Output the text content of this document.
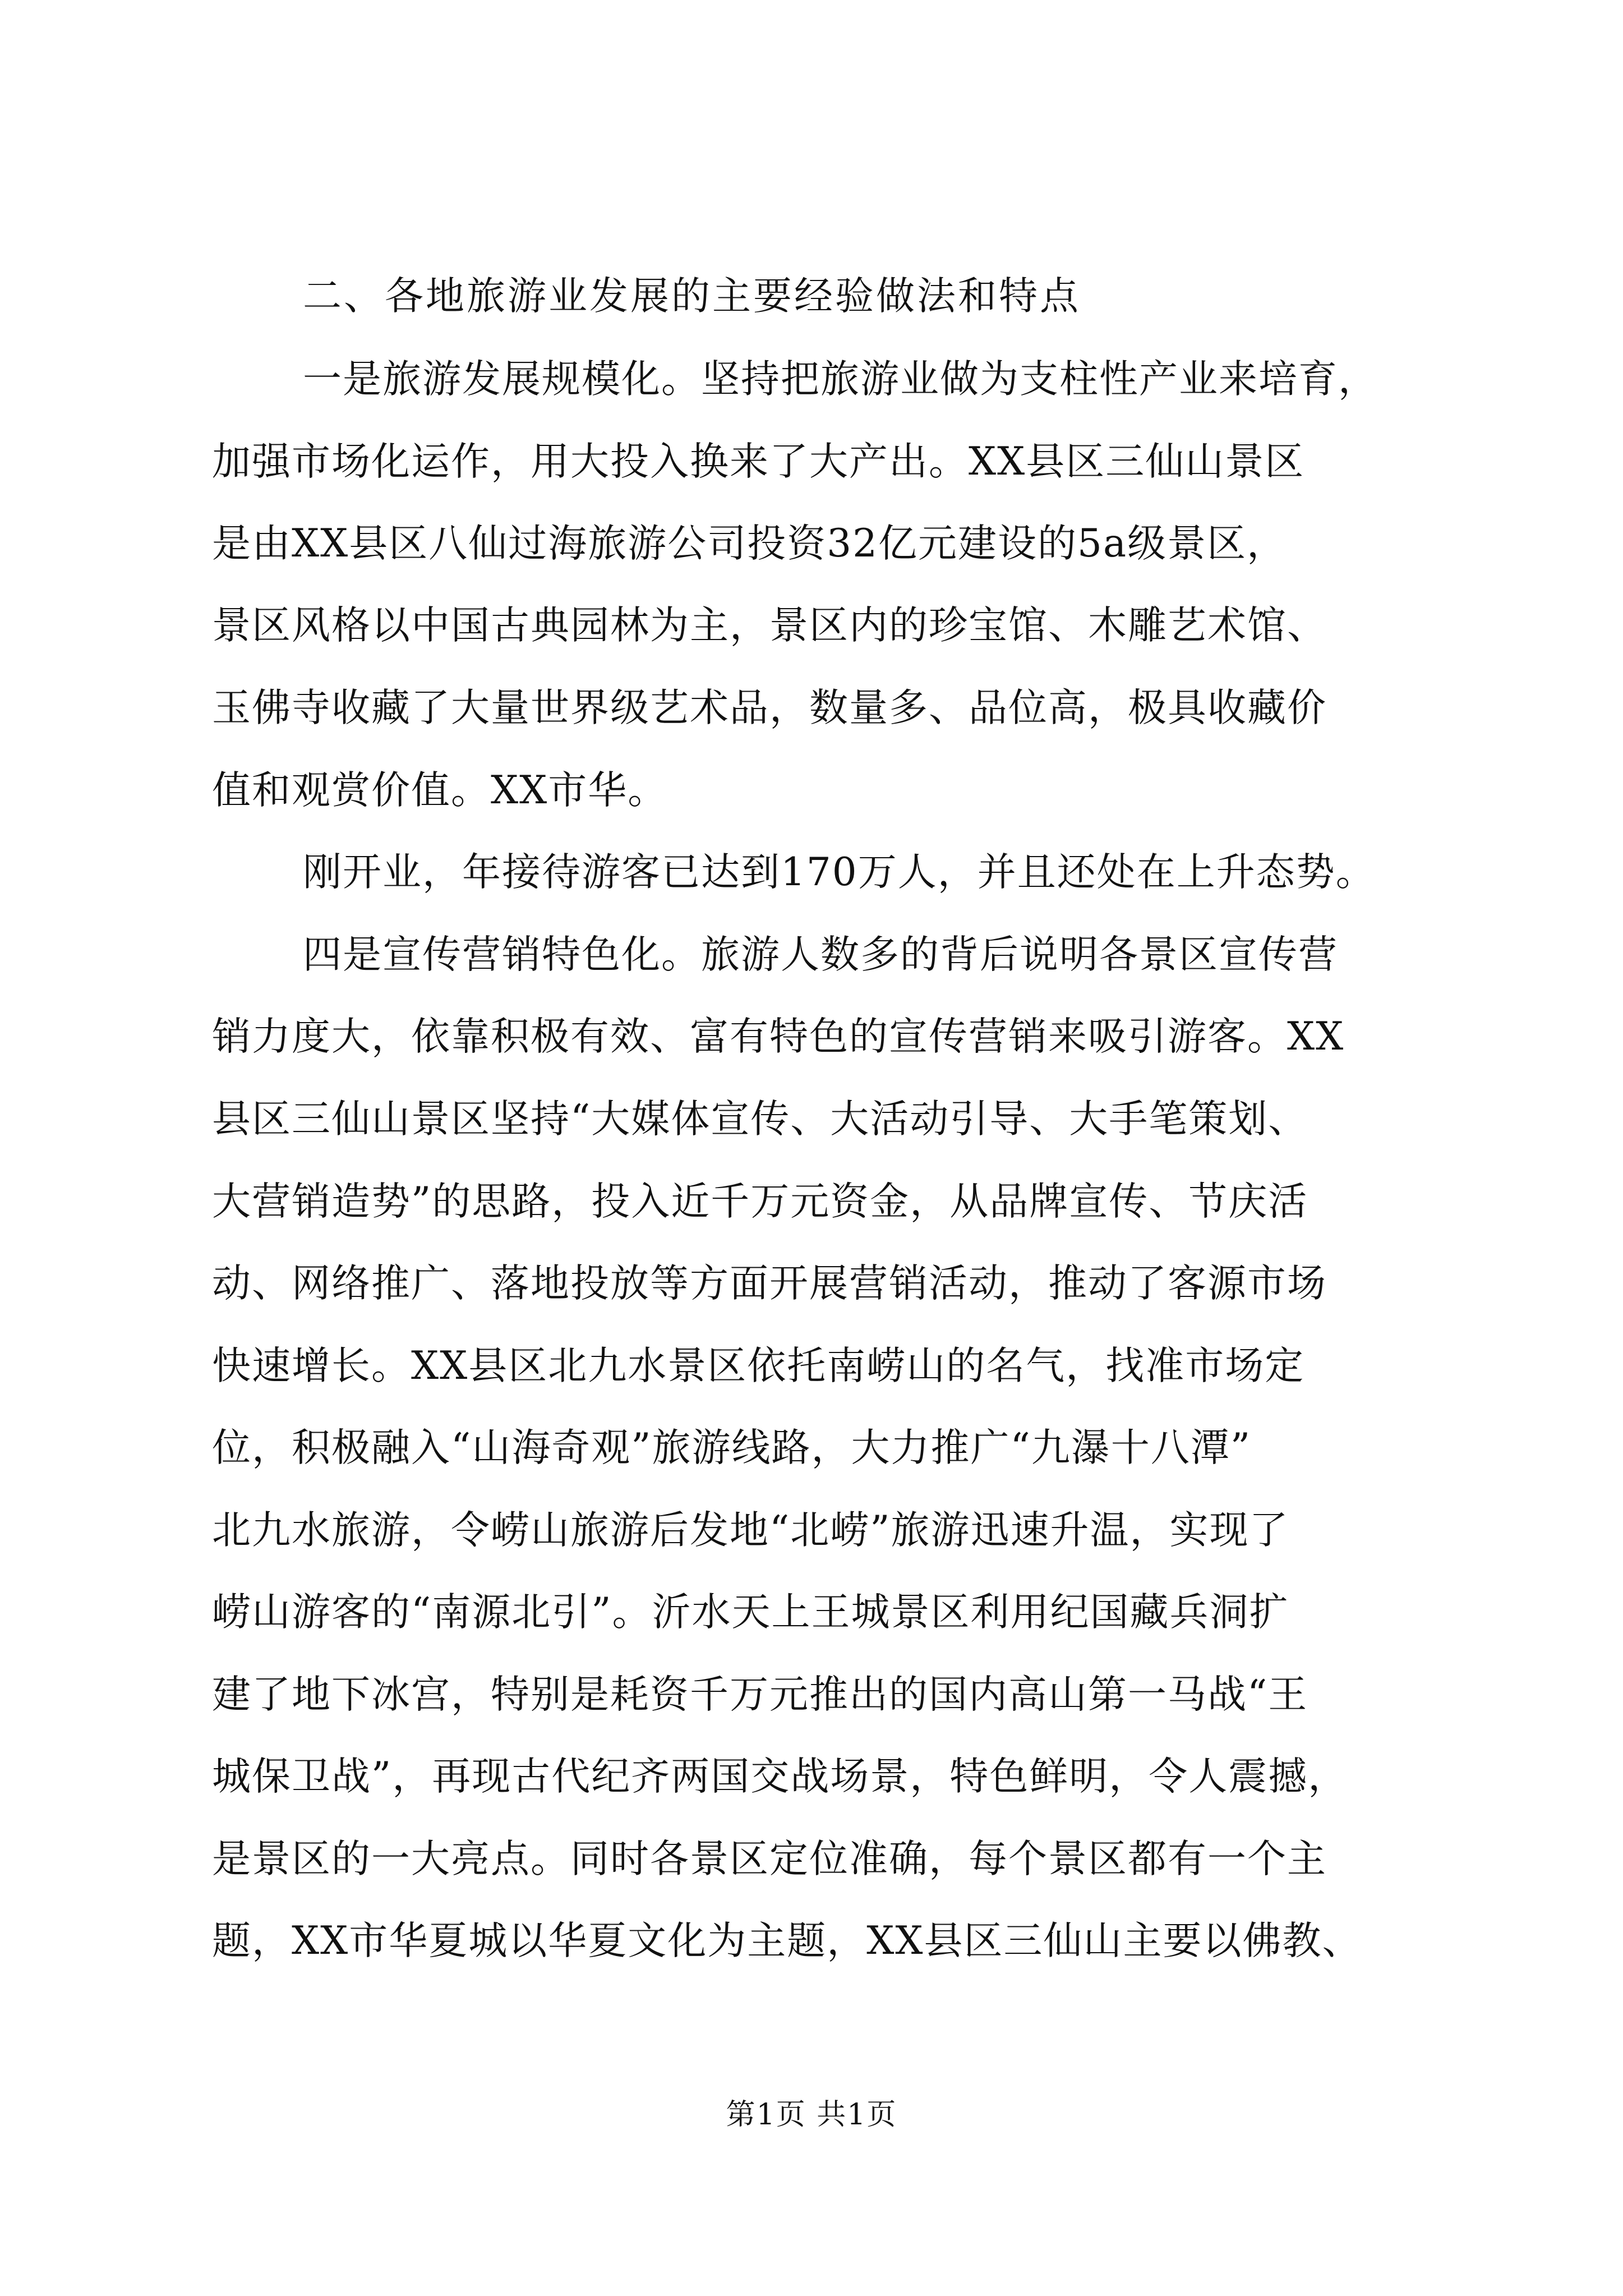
二、各地旅游业发展的主要经验做法和特点
一是旅游发展规模化。坚持把旅游业做为支柱性产业来培育，
加强市场化运作，用大投入换来了大产出。XX县区三仙山景区
是由XX县区八仙过海旅游公司投资32亿元建设的5a级景区，
景区风格以中国古典园林为主，景区内的珍宝馆、木雕艺术馆、
玉佛寺收藏了大量世界级艺术品，数量多、品位高，极具收藏价
值和观赏价值。XX市华。
刚开业，年接待游客已达到170万人，并且还处在上升态势。
四是宣传营销特色化。旅游人数多的背后说明各景区宣传营
销力度大，依靠积极有效、富有特色的宣传营销来吸引游客。XX
县区三仙山景区坚持“大媒体宣传、大活动引导、大手笔策划、
大营销造势”的思路，投入近千万元资金，从品牌宣传、节庆活
动、网络推广、落地投放等方面开展营销活动，推动了客源市场
快速增长。XX县区北九水景区依托南崂山的名气，找准市场定
位，积极融入“山海奇观”旅游线路，大力推广“九瀑十八潭”
北九水旅游，令崂山旅游后发地“北崂”旅游迅速升温，实现了
崂山游客的“南源北引”。沂水天上王城景区利用纪国藏兵洞扩
建了地下冰宫，特别是耗资千万元推出的国内高山第一马战“王
城保卫战”，再现古代纪齐两国交战场景，特色鲜明，令人震撼，
是景区的一大亮点。同时各景区定位准确，每个景区都有一个主
题，XX市华夏城以华夏文化为主题，XX县区三仙山主要以佛教、
第1页 共1页
